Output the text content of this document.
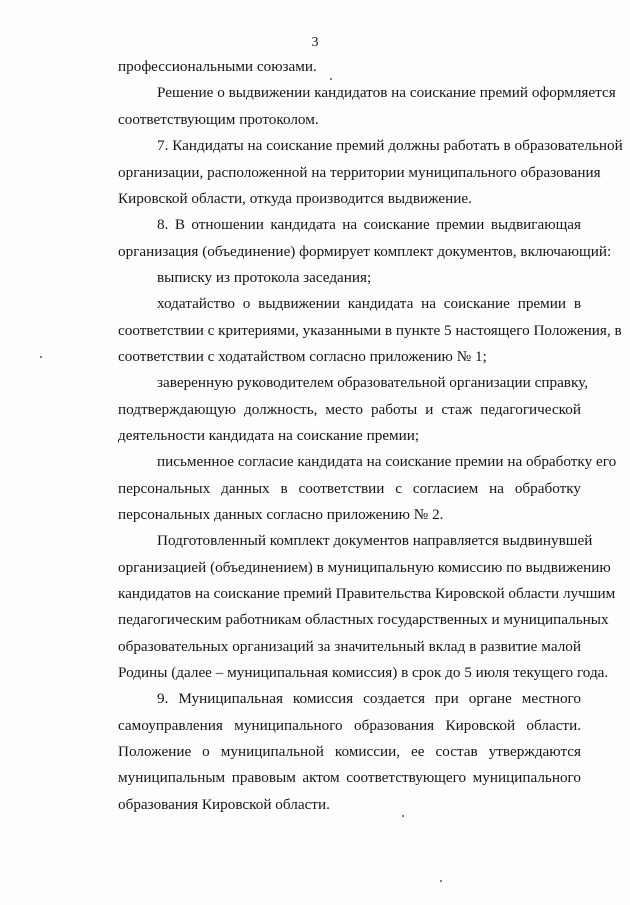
3
профессиональными союзами.
Решение о выдвижении кандидатов на соискание премий оформляется
соответствующим протоколом.
7. Кандидаты на соискание премий должны работать в образовательной
организации, расположенной на территории муниципального образования
Кировской области, откуда производится выдвижение.
8. В отношении кандидата на соискание премии выдвигающая
организация (объединение) формирует комплект документов, включающий:
выписку из протокола заседания;
ходатайство о выдвижении кандидата на соискание премии в
соответствии с критериями, указанными в пункте 5 настоящего Положения, в
соответствии с ходатайством согласно приложению № 1;
заверенную руководителем образовательной организации справку,
подтверждающую должность, место работы и стаж педагогической
деятельности кандидата на соискание премии;
письменное согласие кандидата на соискание премии на обработку его
персональных данных в соответствии с согласием на обработку
персональных данных согласно приложению № 2.
Подготовленный комплект документов направляется выдвинувшей
организацией (объединением) в муниципальную комиссию по выдвижению
кандидатов на соискание премий Правительства Кировской области лучшим
педагогическим работникам областных государственных и муниципальных
образовательных организаций за значительный вклад в развитие малой
Родины (далее – муниципальная комиссия) в срок до 5 июля текущего года.
9. Муниципальная комиссия создается при органе местного
самоуправления муниципального образования Кировской области.
Положение о муниципальной комиссии, ее состав утверждаются
муниципальным правовым актом соответствующего муниципального
образования Кировской области.
